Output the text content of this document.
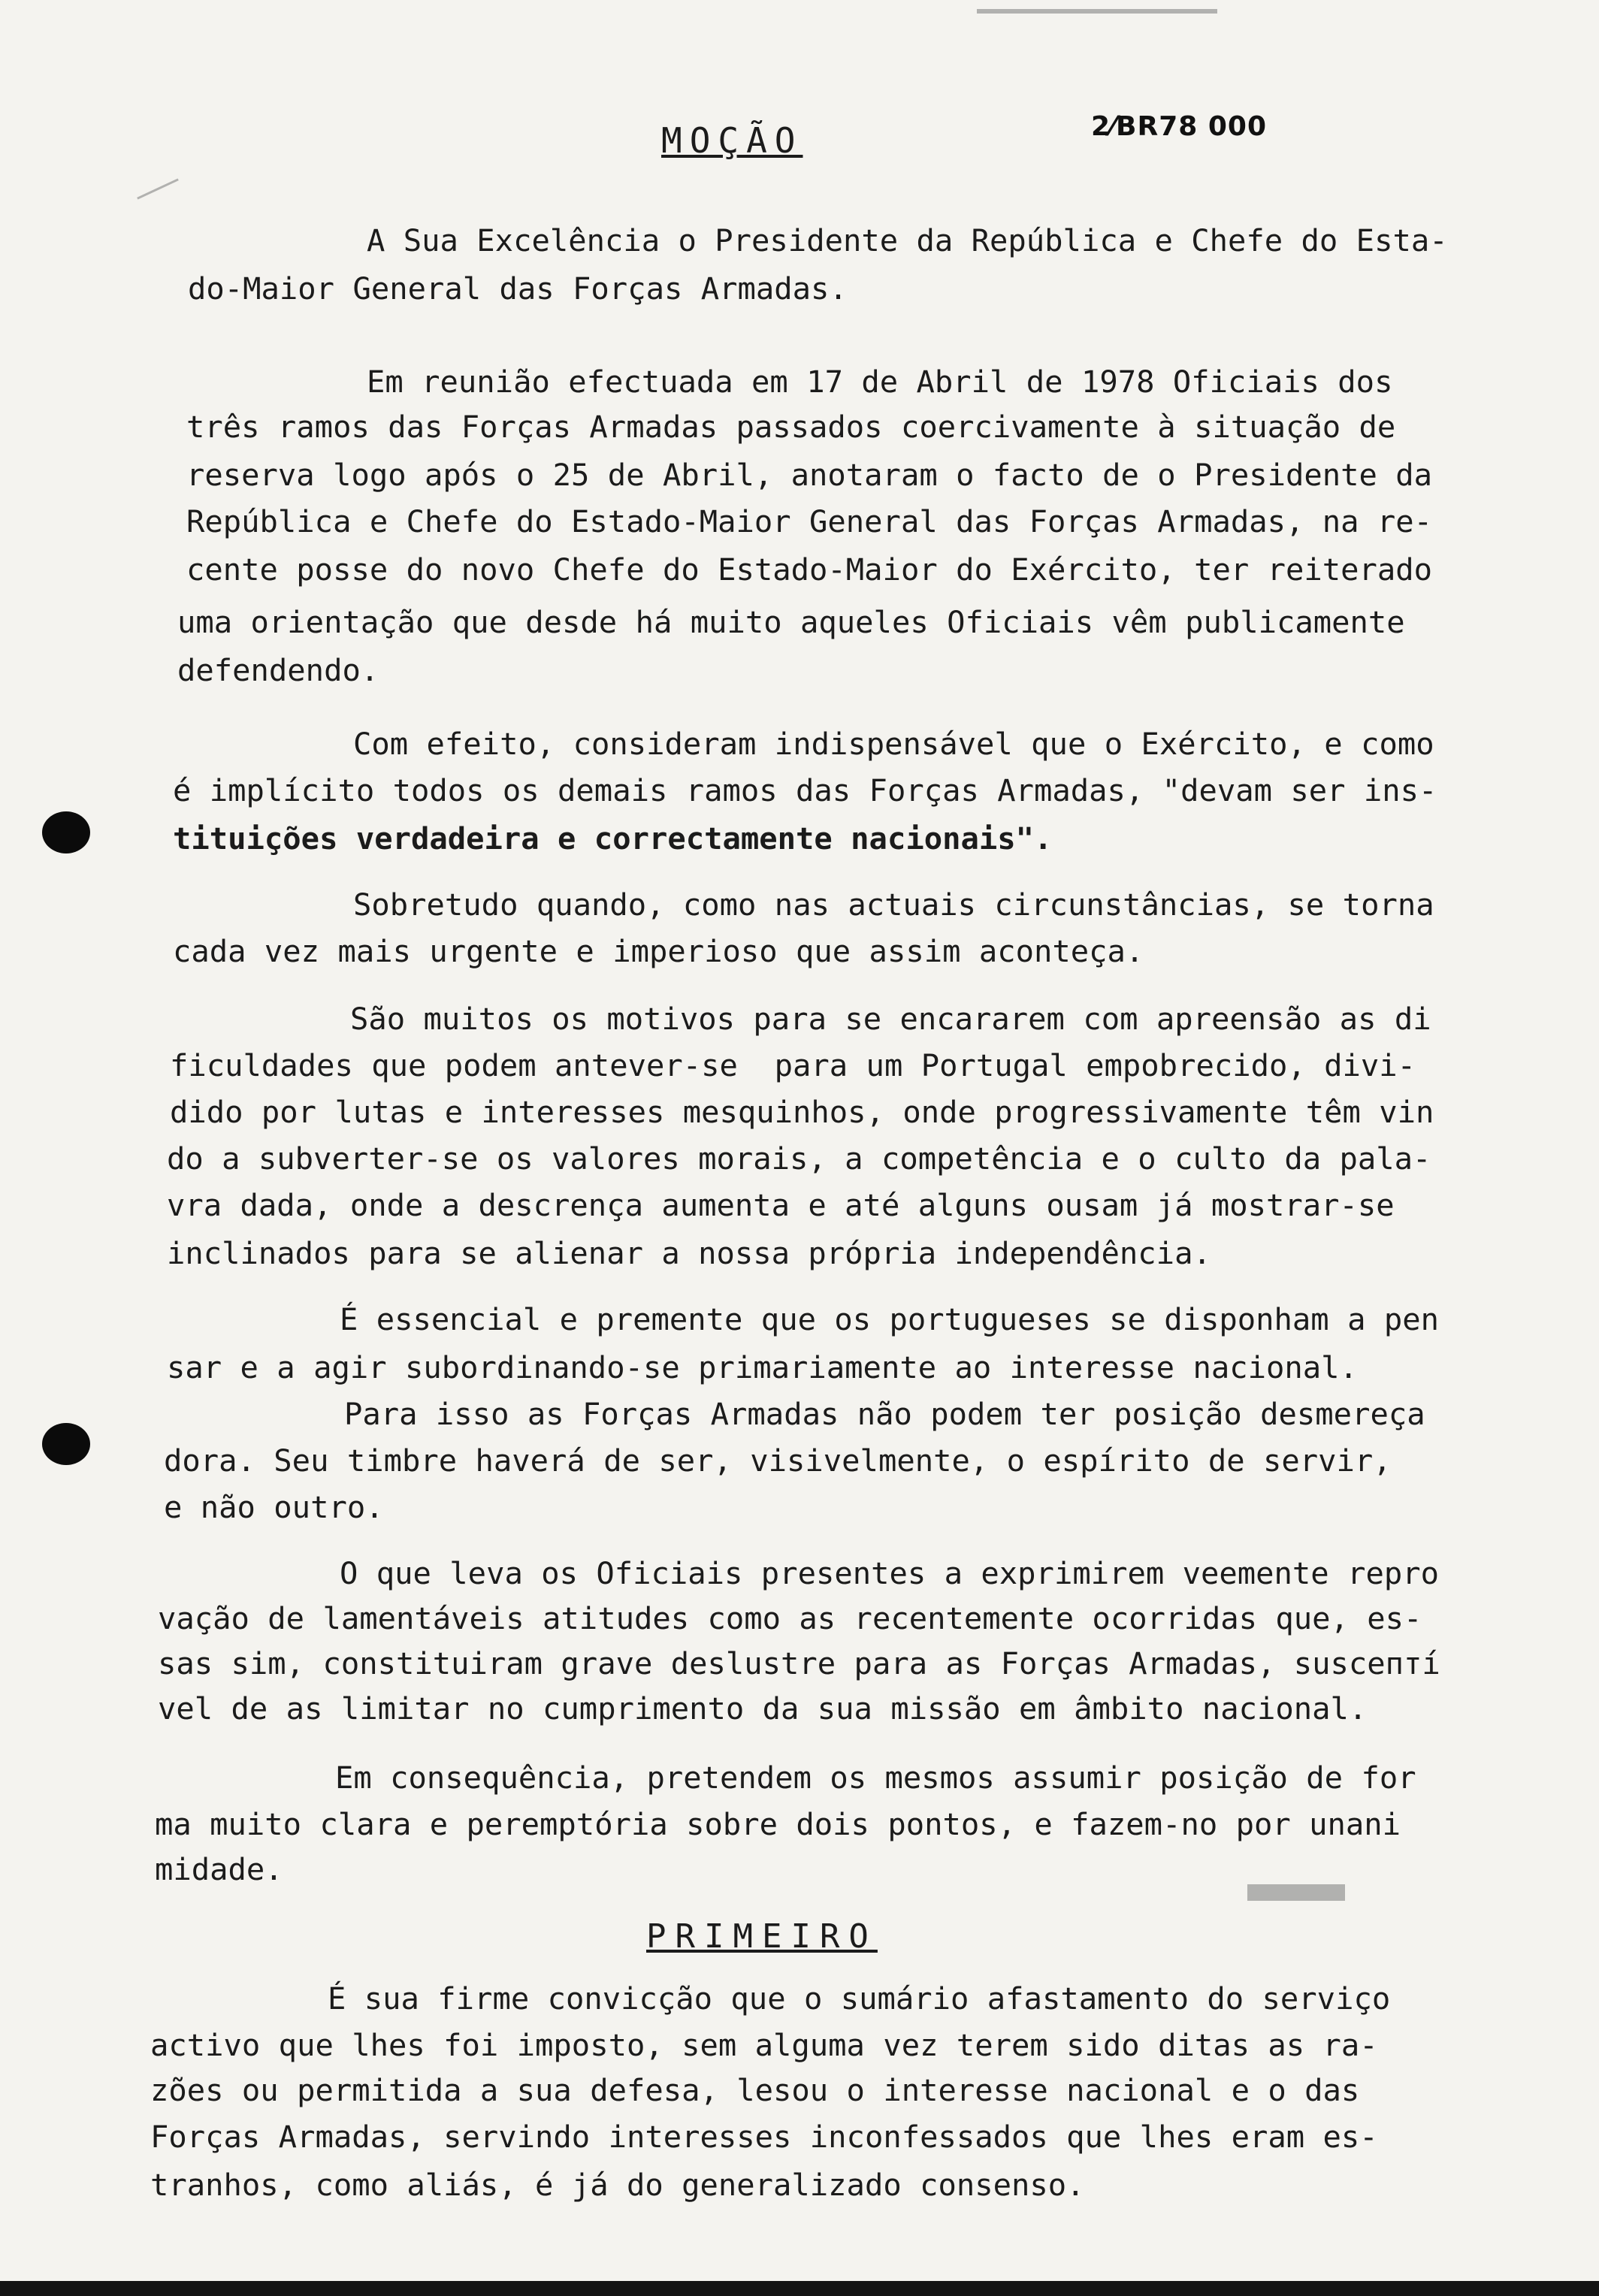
2⁄BR78 000
MOÇÃO
A Sua Excelência o Presidente da República e Chefe do Esta-
do-Maior General das Forças Armadas.
Em reunião efectuada em 17 de Abril de 1978 Oficiais dos
três ramos das Forças Armadas passados coercivamente à situação de
reserva logo após o 25 de Abril, anotaram o facto de o Presidente da
República e Chefe do Estado-Maior General das Forças Armadas, na re-
cente posse do novo Chefe do Estado-Maior do Exército, ter reiterado
uma orientação que desde há muito aqueles Oficiais vêm publicamente
defendendo.
Com efeito, consideram indispensável que o Exército, e como
é implícito todos os demais ramos das Forças Armadas, "devam ser ins-
tituições verdadeira e correctamente nacionais".
Sobretudo quando, como nas actuais circunstâncias, se torna
cada vez mais urgente e imperioso que assim aconteça.
São muitos os motivos para se encararem com apreensão as di
ficuldades que podem antever-se  para um Portugal empobrecido, divi-
dido por lutas e interesses mesquinhos, onde progressivamente têm vin
do a subverter-se os valores morais, a competência e o culto da pala-
vra dada, onde a descrença aumenta e até alguns ousam já mostrar-se
inclinados para se alienar a nossa própria independência.
É essencial e premente que os portugueses se disponham a pen
sar e a agir subordinando-se primariamente ao interesse nacional.
Para isso as Forças Armadas não podem ter posição desmereça
dora. Seu timbre haverá de ser, visivelmente, o espírito de servir,
e não outro.
O que leva os Oficiais presentes a exprimirem veemente repro
vação de lamentáveis atitudes como as recentemente ocorridas que, es-
sas sim, constituiram grave deslustre para as Forças Armadas, suscептí
vel de as limitar no cumprimento da sua missão em âmbito nacional.
Em consequência, pretendem os mesmos assumir posição de for
ma muito clara e peremptória sobre dois pontos, e fazem-no por unani
midade.
PRIMEIRO
É sua firme convicção que o sumário afastamento do serviço
activo que lhes foi imposto, sem alguma vez terem sido ditas as ra-
zões ou permitida a sua defesa, lesou o interesse nacional e o das
Forças Armadas, servindo interesses inconfessados que lhes eram es-
tranhos, como aliás, é já do generalizado consenso.
